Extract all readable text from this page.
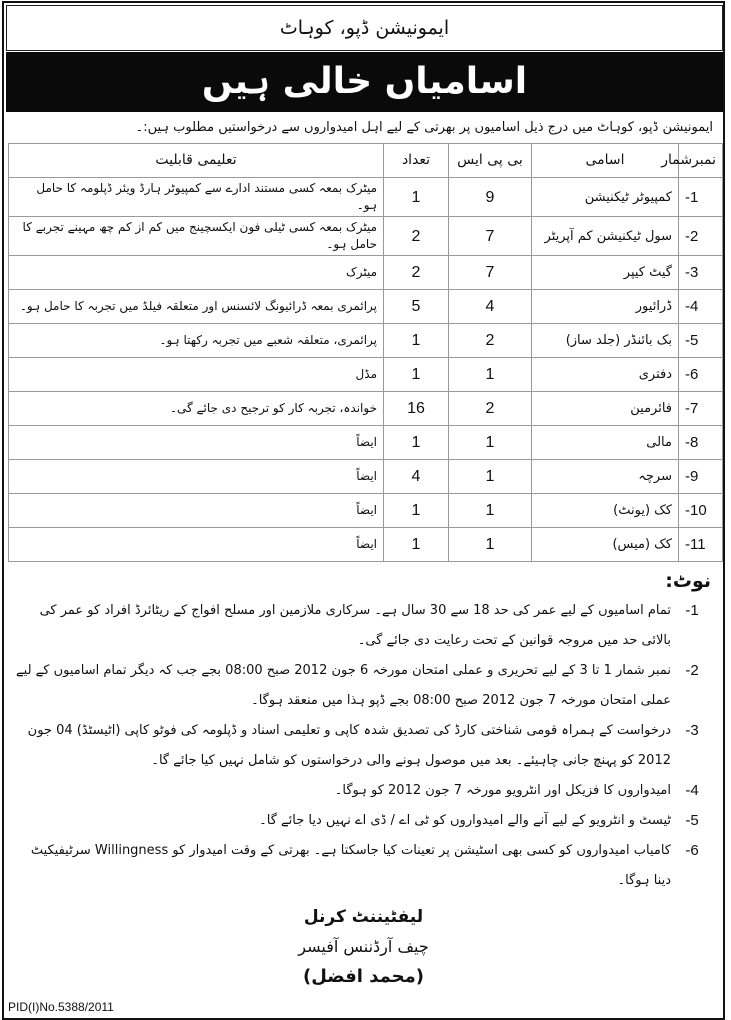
ایمونیشن ڈپو، کوہاٹ
اسامیاں خالی ہیں
ایمونیشن ڈپو، کوہاٹ میں درج ذیل اسامیوں پر بھرتی کے لیے اہل امیدواروں سے درخواستیں مطلوب ہیں:۔
نمبرشمار	اسامی	بی پی ایس	تعداد	تعلیمی قابلیت
-1	کمپیوٹر ٹیکنیشن	9	1	میٹرک بمعہ کسی مستند ادارے سے کمپیوٹر ہارڈ ویئر ڈپلومہ کا حامل ہو۔
-2	سول ٹیکنیشن کم آپریٹر	7	2	میٹرک بمعہ کسی ٹیلی فون ایکسچینج میں کم از کم چھ مہینے تجربے کا حامل ہو۔
-3	گیٹ کیپر	7	2	میٹرک
-4	ڈرائیور	4	5	پرائمری بمعہ ڈرائیونگ لائسنس اور متعلقہ فیلڈ میں تجربہ کا حامل ہو۔
-5	بک بائنڈر (جلد ساز)	2	1	پرائمری، متعلقہ شعبے میں تجربہ رکھتا ہو۔
-6	دفتری	1	1	مڈل
-7	فائرمین	2	16	خواندہ، تجربہ کار کو ترجیح دی جائے گی۔
-8	مالی	1	1	ایضاً
-9	سرچہ	1	4	ایضاً
-10	کک (یونٹ)	1	1	ایضاً
-11	کک (میس)	1	1	ایضاً
نوٹ:
-1
تمام اسامیوں کے لیے عمر کی حد 18 سے 30 سال ہے۔ سرکاری ملازمین اور مسلح افواج کے ریٹائرڈ افراد کو عمر کی بالائی حد میں مروجہ قوانین کے تحت رعایت دی جائے گی۔
-2
نمبر شمار 1 تا 3 کے لیے تحریری و عملی امتحان مورخہ 6 جون 2012 صبح 08:00 بجے جب کہ دیگر تمام اسامیوں کے لیے عملی امتحان مورخہ 7 جون 2012 صبح 08:00 بجے ڈپو ہذا میں منعقد ہوگا۔
-3
درخواست کے ہمراہ قومی شناختی کارڈ کی تصدیق شدہ کاپی و تعلیمی اسناد و ڈپلومہ کی فوٹو کاپی (اٹیسٹڈ) 04 جون 2012 کو پہنچ جانی چاہیئے۔ بعد میں موصول ہونے والی درخواستوں کو شامل نہیں کیا جائے گا۔
-4
امیدواروں کا فزیکل اور انٹرویو مورخہ 7 جون 2012 کو ہوگا۔
-5
ٹیسٹ و انٹرویو کے لیے آنے والے امیدواروں کو ٹی اے / ڈی اے نہیں دیا جائے گا۔
-6
کامیاب امیدواروں کو کسی بھی اسٹیشن پر تعینات کیا جاسکتا ہے۔ بھرتی کے وقت امیدوار کو Willingness سرٹیفیکیٹ دینا ہوگا۔
لیفٹیننٹ کرنل
چیف آرڈننس آفیسر
(محمد افضل)
PID(I)No.5388/2011
